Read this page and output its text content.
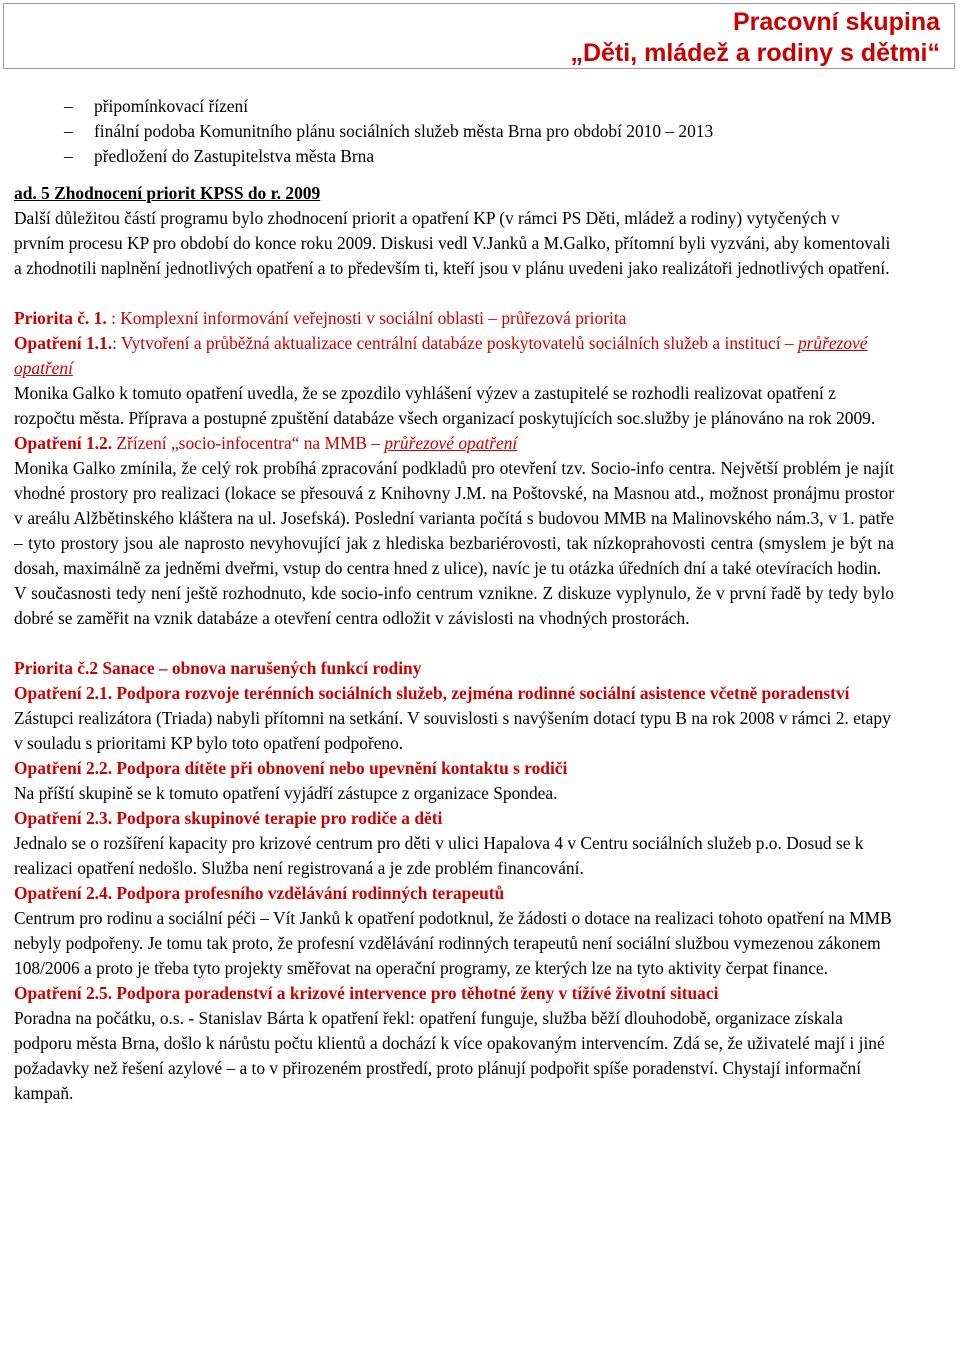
Pracovní skupina
„Děti, mládež a rodiny s dětmi“
– připomínkovací řízení
– finální podoba Komunitního plánu sociálních služeb města Brna pro období 2010 – 2013
– předložení do Zastupitelstva města Brna

ad. 5 Zhodnocení priorit KPSS do r. 2009

Další důležitou částí programu bylo zhodnocení priorit a opatření KP (v rámci PS Děti, mládež a rodiny) vytyčených v prvním procesu KP pro období do konce roku 2009. Diskusi vedl V.Janků a M.Galko, přítomní byli vyzváni, aby komentovali a zhodnotili naplnění jednotlivých opatření a to především ti, kteří jsou v plánu uvedeni jako realizátoři jednotlivých opatření.

Priorita č. 1. : Komplexní informování veřejnosti v sociální oblasti – průřezová priorita

Opatření 1.1.: Vytvoření a průběžná aktualizace centrální databáze poskytovatelů sociálních služeb a institucí – průřezové opatření

Monika Galko k tomuto opatření uvedla, že se zpozdilo vyhlášení výzev a zastupitelé se rozhodli realizovat opatření z rozpočtu města. Příprava a postupné zpuštění databáze všech organizací poskytujících soc.služby je plánováno na rok 2009.

Opatření 1.2. Zřízení „socio-infocentra“ na MMB – průřezové opatření

Monika Galko zmínila, že celý rok probíhá zpracování podkladů pro otevření tzv. Socio-info centra. Největší problém je najít vhodné prostory pro realizaci (lokace se přesouvá z Knihovny J.M. na Poštovské, na Masnou atd., možnost pronájmu prostor v areálu Alžbětinského kláštera na ul. Josefská). Poslední varianta počítá s budovou MMB na Malinovského nám.3, v 1. patře – tyto prostory jsou ale naprosto nevyhovující jak z hlediska bezbariérovosti, tak nízkoprahovosti centra (smyslem je být na dosah, maximálně za jedněmi dveřmi, vstup do centra hned z ulice), navíc je tu otázka úředních dní a také otevíracích hodin.

V současnosti tedy není ještě rozhodnuto, kde socio-info centrum vznikne. Z diskuze vyplynulo, že v první řadě by tedy bylo dobré se zaměřit na vznik databáze a otevření centra odložit v závislosti na vhodných prostorách.

Priorita č.2 Sanace – obnova narušených funkcí rodiny

Opatření 2.1. Podpora rozvoje terénních sociálních služeb, zejména rodinné sociální asistence včetně poradenství

Zástupci realizátora (Triada) nabyli přítomni na setkání. V souvislosti s navýšením dotací typu B na rok 2008 v rámci 2. etapy v souladu s prioritami KP bylo toto opatření podpořeno.

Opatření 2.2. Podpora dítěte při obnovení nebo upevnění kontaktu s rodiči

Na příští skupině se k tomuto opatření vyjádří zástupce z organizace Spondea.

Opatření 2.3. Podpora skupinové terapie pro rodiče a děti

Jednalo se o rozšíření kapacity pro krizové centrum pro děti v ulici Hapalova 4 v Centru sociálních služeb p.o. Dosud se k realizaci opatření nedošlo. Služba není registrovaná a je zde problém financování.

Opatření 2.4. Podpora profesního vzdělávání rodinných terapeutů

Centrum pro rodinu a sociální péči – Vít Janků k opatření podotknul, že žádosti o dotace na realizaci tohoto opatření na MMB nebyly podpořeny. Je tomu tak proto, že profesní vzdělávání rodinných terapeutů není sociální službou vymezenou zákonem 108/2006 a proto je třeba tyto projekty směřovat na operační programy, ze kterých lze na tyto aktivity čerpat finance.

Opatření 2.5. Podpora poradenství a krizové intervence pro těhotné ženy v tížívé životní situaci

Poradna na počátku, o.s. - Stanislav Bárta k opatření řekl: opatření funguje, služba běží dlouhodobě, organizace získala podporu města Brna, došlo k nárůstu počtu klientů a dochází k více opakovaným intervencím. Zdá se, že uživatelé mají i jiné požadavky než řešení azylové – a to v přirozeném prostředí, proto plánují podpořit spíše poradenství. Chystají informační kampaň.
